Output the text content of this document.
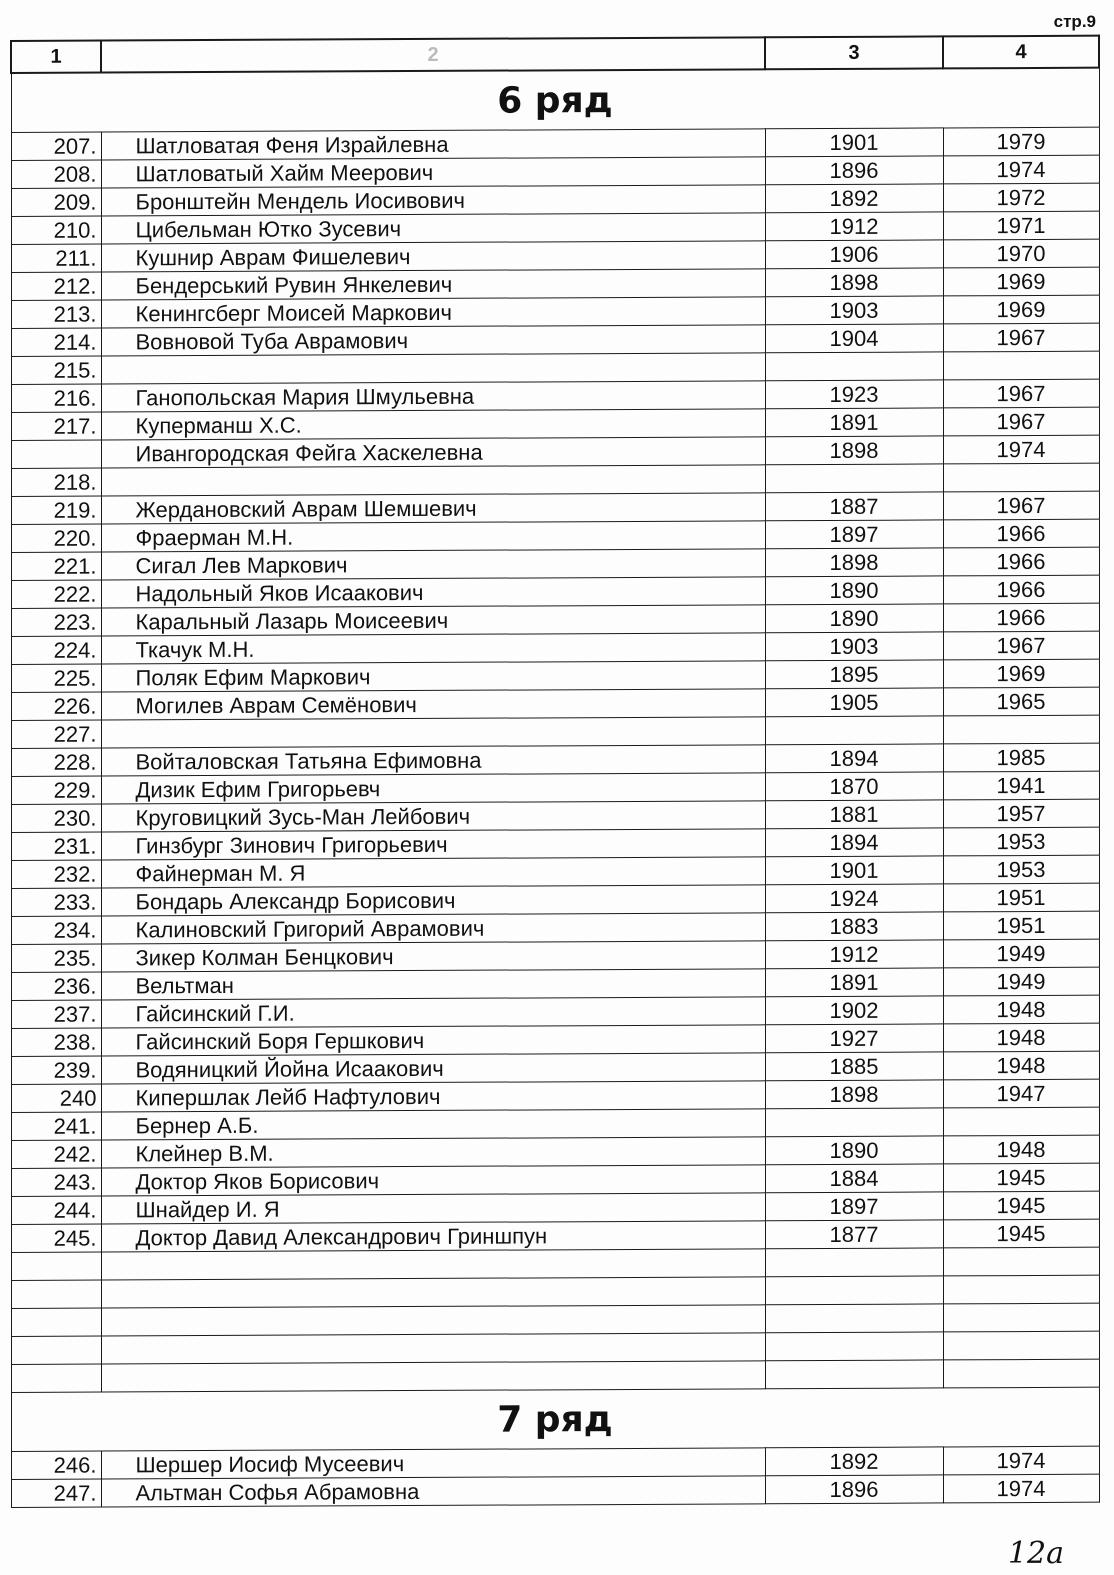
стр.9
1	2	3	4
6 ряд			
207.	Шатловатая Феня Израйлевна	1901	1979
208.	Шатловатый Хайм Меерович	1896	1974
209.	Бронштейн Мендель Иосивович	1892	1972
210.	Цибельман Ютко Зусевич	1912	1971
211.	Кушнир Аврам Фишелевич	1906	1970
212.	Бендерський Рувин Янкелевич	1898	1969
213.	Кенингсберг Моисей Маркович	1903	1969
214.	Вовновой Туба Аврамович	1904	1967
215.			
216.	Ганопольская Мария Шмульевна	1923	1967
217.	Куперманш Х.С.	1891	1967
	Ивангородская Фейга Хаскелевна	1898	1974
218.			
219.	Жердановский Аврам Шемшевич	1887	1967
220.	Фраерман М.Н.	1897	1966
221.	Сигал Лев Маркович	1898	1966
222.	Надольный Яков Исаакович	1890	1966
223.	Каральный Лазарь Моисеевич	1890	1966
224.	Ткачук М.Н.	1903	1967
225.	Поляк Ефим Маркович	1895	1969
226.	Могилев Аврам Семёнович	1905	1965
227.			
228.	Войталовская Татьяна Ефимовна	1894	1985
229.	Дизик Ефим Григорьевч	1870	1941
230.	Круговицкий Зусь-Ман Лейбович	1881	1957
231.	Гинзбург Зинович Григорьевич	1894	1953
232.	Файнерман М. Я	1901	1953
233.	Бондарь Александр Борисович	1924	1951
234.	Калиновский Григорий Аврамович	1883	1951
235.	Зикер Колман Бенцкович	1912	1949
236.	Вельтман	1891	1949
237.	Гайсинский Г.И.	1902	1948
238.	Гайсинский Боря Гершкович	1927	1948
239.	Водяницкий Йойна Исаакович	1885	1948
240	Кипершлак Лейб Нафтулович	1898	1947
241.	Бернер А.Б.		
242.	Клейнер В.М.	1890	1948
243.	Доктор Яков Борисович	1884	1945
244.	Шнайдер И. Я	1897	1945
245.	Доктор Давид Александрович Гриншпун	1877	1945

7 ряд			
246.	Шершер Иосиф Мусеевич	1892	1974
247.	Альтман Софья Абрамовна	1896	1974
12а
